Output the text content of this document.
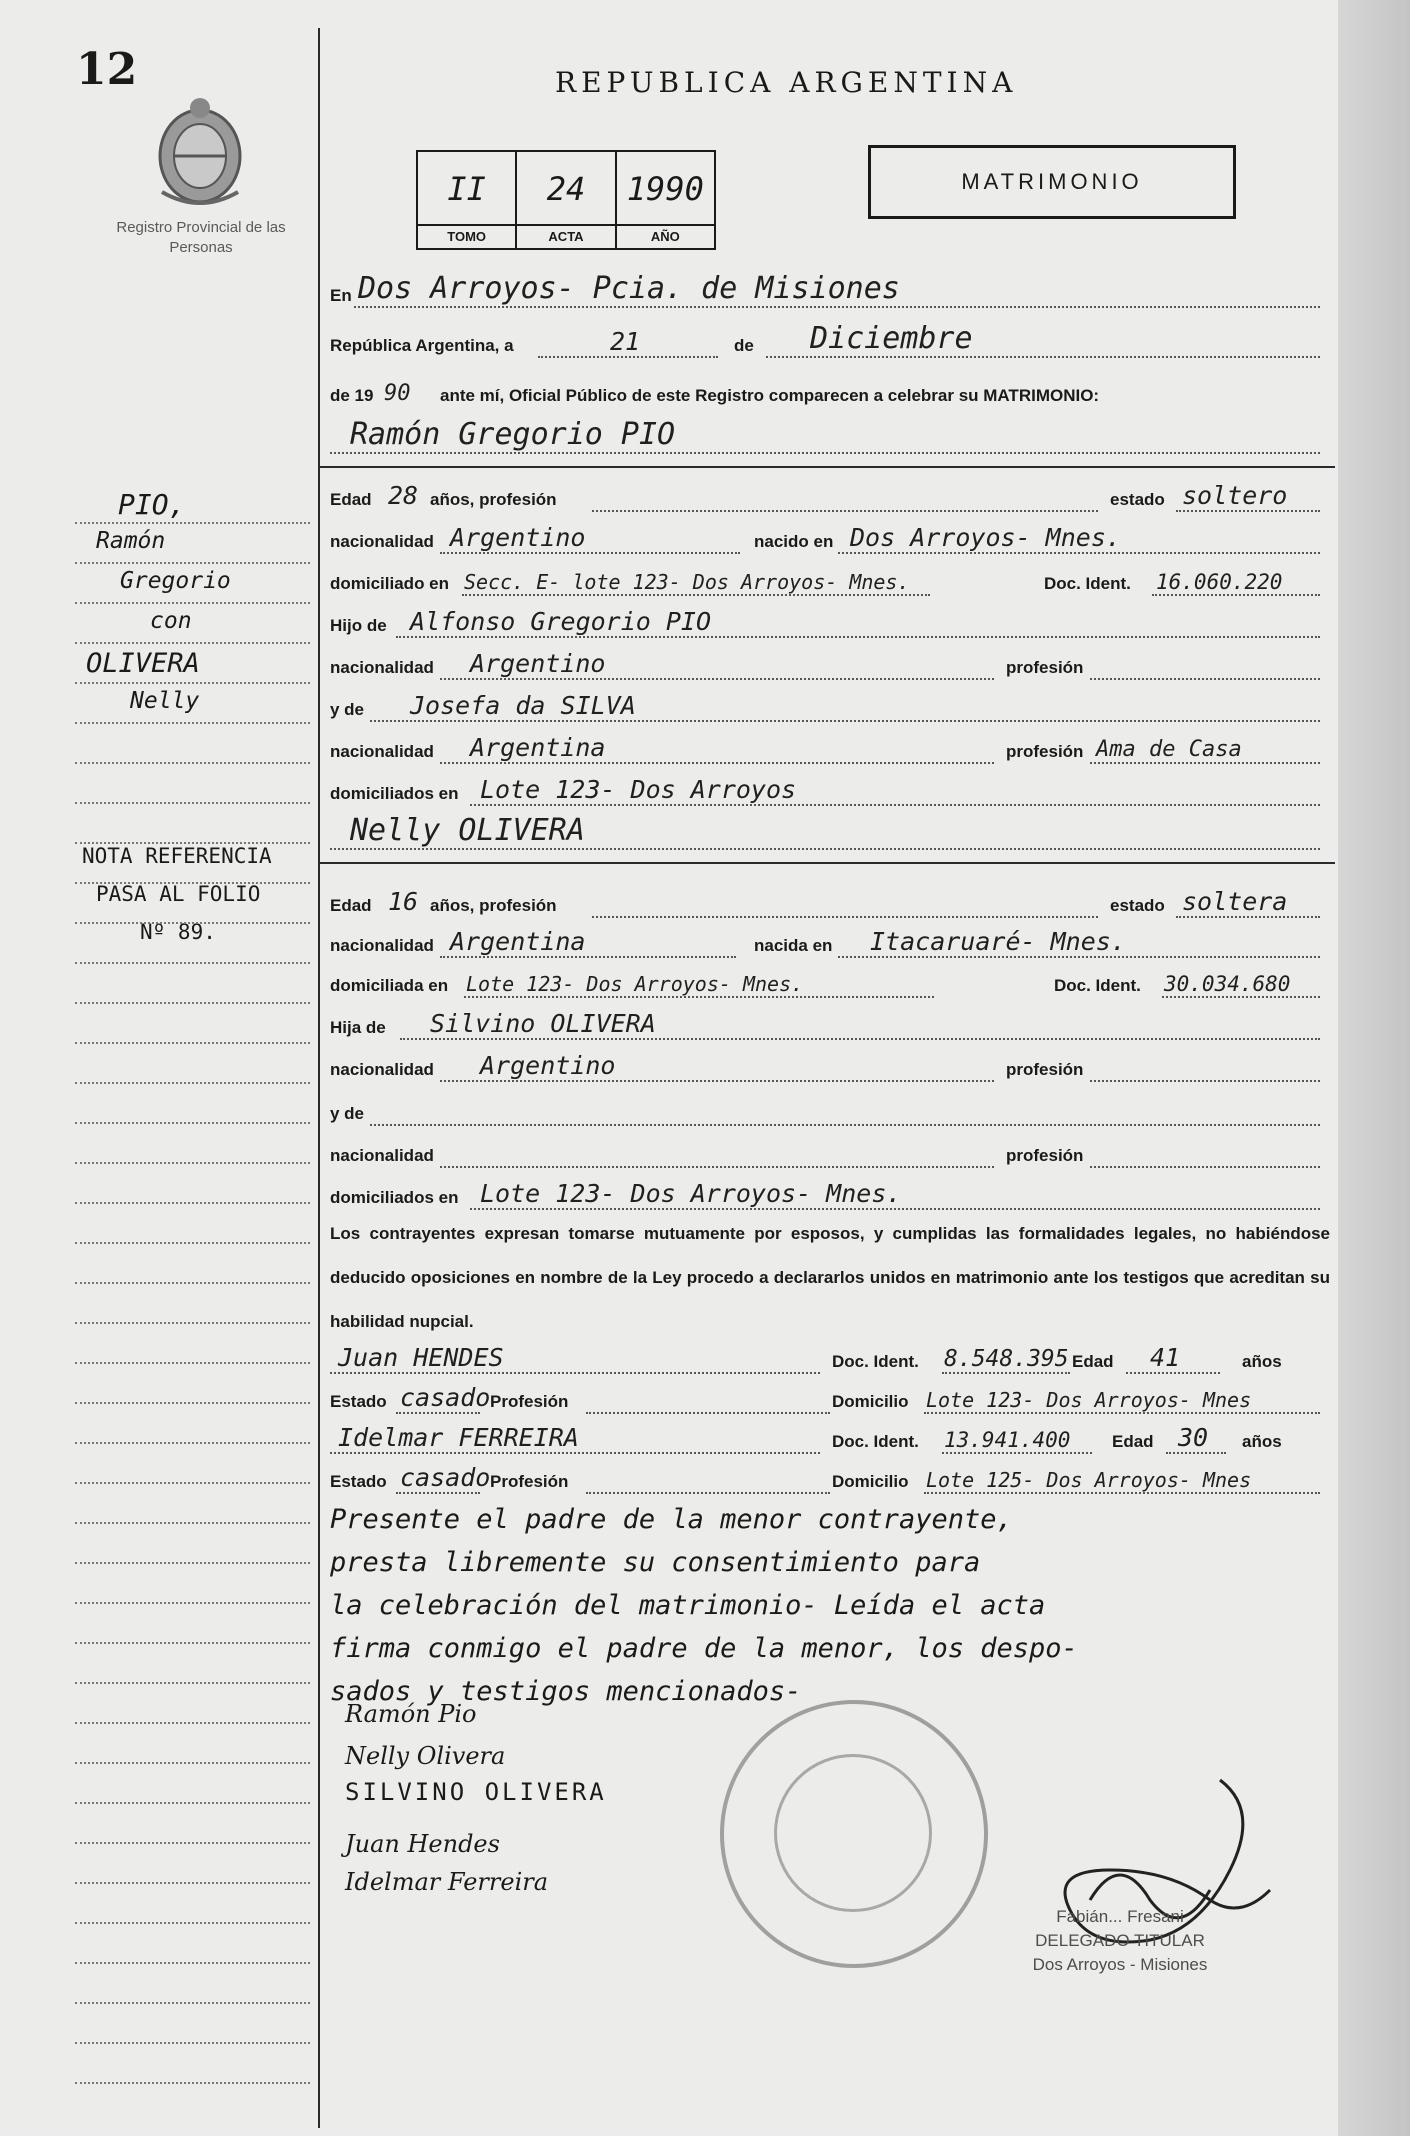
12
Registro Provincial de las Personas
REPUBLICA ARGENTINA
MATRIMONIO
II
TOMO
24
ACTA
1990
AÑO
En Dos Arroyos- Pcia. de Misiones
República Argentina, a	21	de Diciembre
de 19 90 ante mí, Oficial Público de este Registro comparecen a celebrar su MATRIMONIO:
Ramón Gregorio PIO
Edad 28 años, profesión	estado soltero
nacionalidad Argentino	nacido en Dos Arroyos- Mnes.
domiciliado en Secc. E- lote 123- Dos Arroyos- Mnes.	Doc. Ident. 16.060.220
Hijo de Alfonso Gregorio PIO
nacionalidad Argentino	profesión
y de Josefa da SILVA
nacionalidad Argentina	profesión Ama de Casa
domiciliados en Lote 123- Dos Arroyos
Nelly OLIVERA
Edad 16 años, profesión	estado soltera
nacionalidad Argentina	nacida en Itacaruaré- Mnes.
domiciliada en Lote 123- Dos Arroyos- Mnes.	Doc. Ident. 30.034.680
Hija de Silvino OLIVERA
nacionalidad Argentino	profesión
y de
nacionalidad	profesión
domiciliados en Lote 123- Dos Arroyos- Mnes.
Los contrayentes expresan tomarse mutuamente por esposos, y cumplidas las formalidades legales, no habiéndose deducido oposiciones en nombre de la Ley procedo a declararlos unidos en matrimonio ante los testigos que acreditan su habilidad nupcial.
Juan HENDES	Doc. Ident. 8.548.395 Edad 41	años
Estado casado Profesión	Domicilio Lote 123- Dos Arroyos- Mnes
Idelmar FERREIRA	Doc. Ident. 13.941.400 Edad 30 años
Estado casado Profesión	Domicilio Lote 125- Dos Arroyos- Mnes
Presente el padre de la menor contrayente,
presta libremente su consentimiento para
la celebración del matrimonio- Leída el acta
firma conmigo el padre de la menor, los despo-
sados y testigos mencionados-
Ramón Pio
Nelly Olivera
SILVINO OLIVERA
Juan Hendes
Idelmar Ferreira
Fabián... Fresani
DELEGADO TITULAR
Dos Arroyos - Misiones
PIO,
Ramón
Gregorio
con
OLIVERA
Nelly
NOTA REFERENCIA
PASA AL FOLIO
Nº 89.
